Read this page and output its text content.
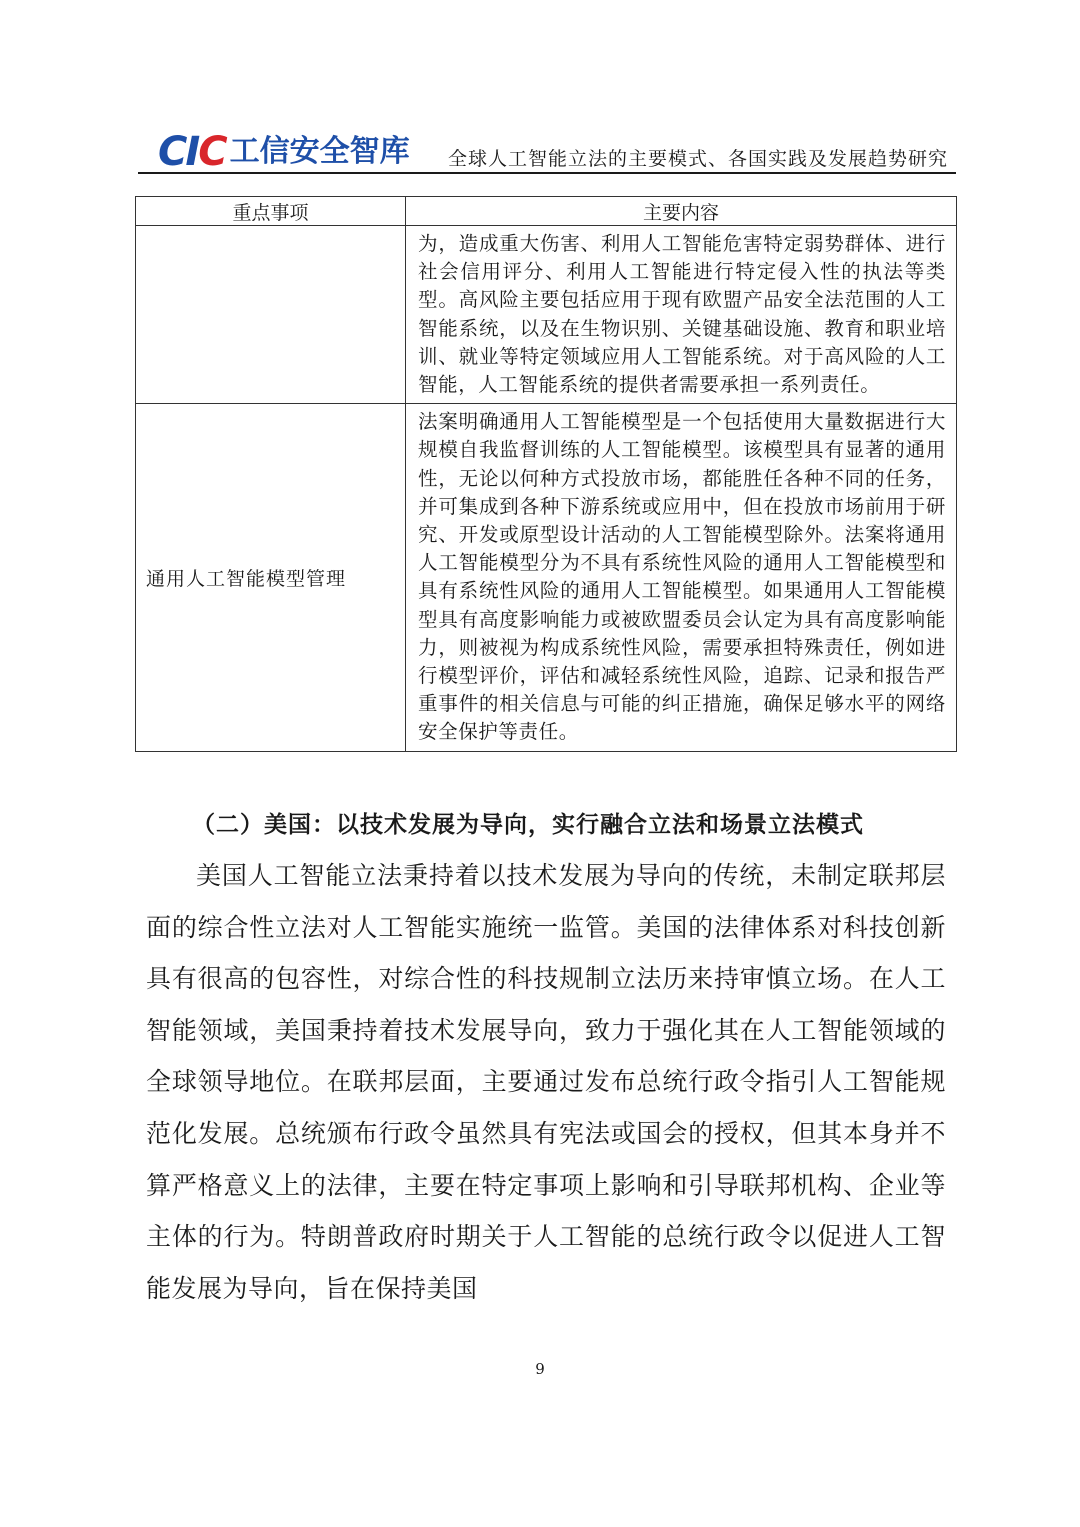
CIC 工信安全智库 全球人工智能立法的主要模式、各国实践及发展趋势研究
重点事项	主要内容
	为，造成重大伤害、利用人工智能危害特定弱势群体、进行社会信用评分、利用人工智能进行特定侵入性的执法等类型。高风险主要包括应用于现有欧盟产品安全法范围的人工智能系统，以及在生物识别、关键基础设施、教育和职业培训、就业等特定领域应用人工智能系统。对于高风险的人工智能，人工智能系统的提供者需要承担一系列责任。
通用人工智能模型管理	法案明确通用人工智能模型是一个包括使用大量数据进行大规模自我监督训练的人工智能模型。该模型具有显著的通用性，无论以何种方式投放市场，都能胜任各种不同的任务，并可集成到各种下游系统或应用中，但在投放市场前用于研究、开发或原型设计活动的人工智能模型除外。法案将通用人工智能模型分为不具有系统性风险的通用人工智能模型和具有系统性风险的通用人工智能模型。如果通用人工智能模型具有高度影响能力或被欧盟委员会认定为具有高度影响能力，则被视为构成系统性风险，需要承担特殊责任，例如进行模型评价，评估和减轻系统性风险，追踪、记录和报告严重事件的相关信息与可能的纠正措施，确保足够水平的网络安全保护等责任。
（二）美国：以技术发展为导向，实行融合立法和场景立法模式

美国人工智能立法秉持着以技术发展为导向的传统，未制定联邦层面的综合性立法对人工智能实施统一监管。美国的法律体系对科技创新具有很高的包容性，对综合性的科技规制立法历来持审慎立场。在人工智能领域，美国秉持着技术发展导向，致力于强化其在人工智能领域的全球领导地位。在联邦层面，主要通过发布总统行政令指引人工智能规范化发展。总统颁布行政令虽然具有宪法或国会的授权，但其本身并不算严格意义上的法律，主要在特定事项上影响和引导联邦机构、企业等主体的行为。特朗普政府时期关于人工智能的总统行政令以促进人工智能发展为导向，旨在保持美国

9
